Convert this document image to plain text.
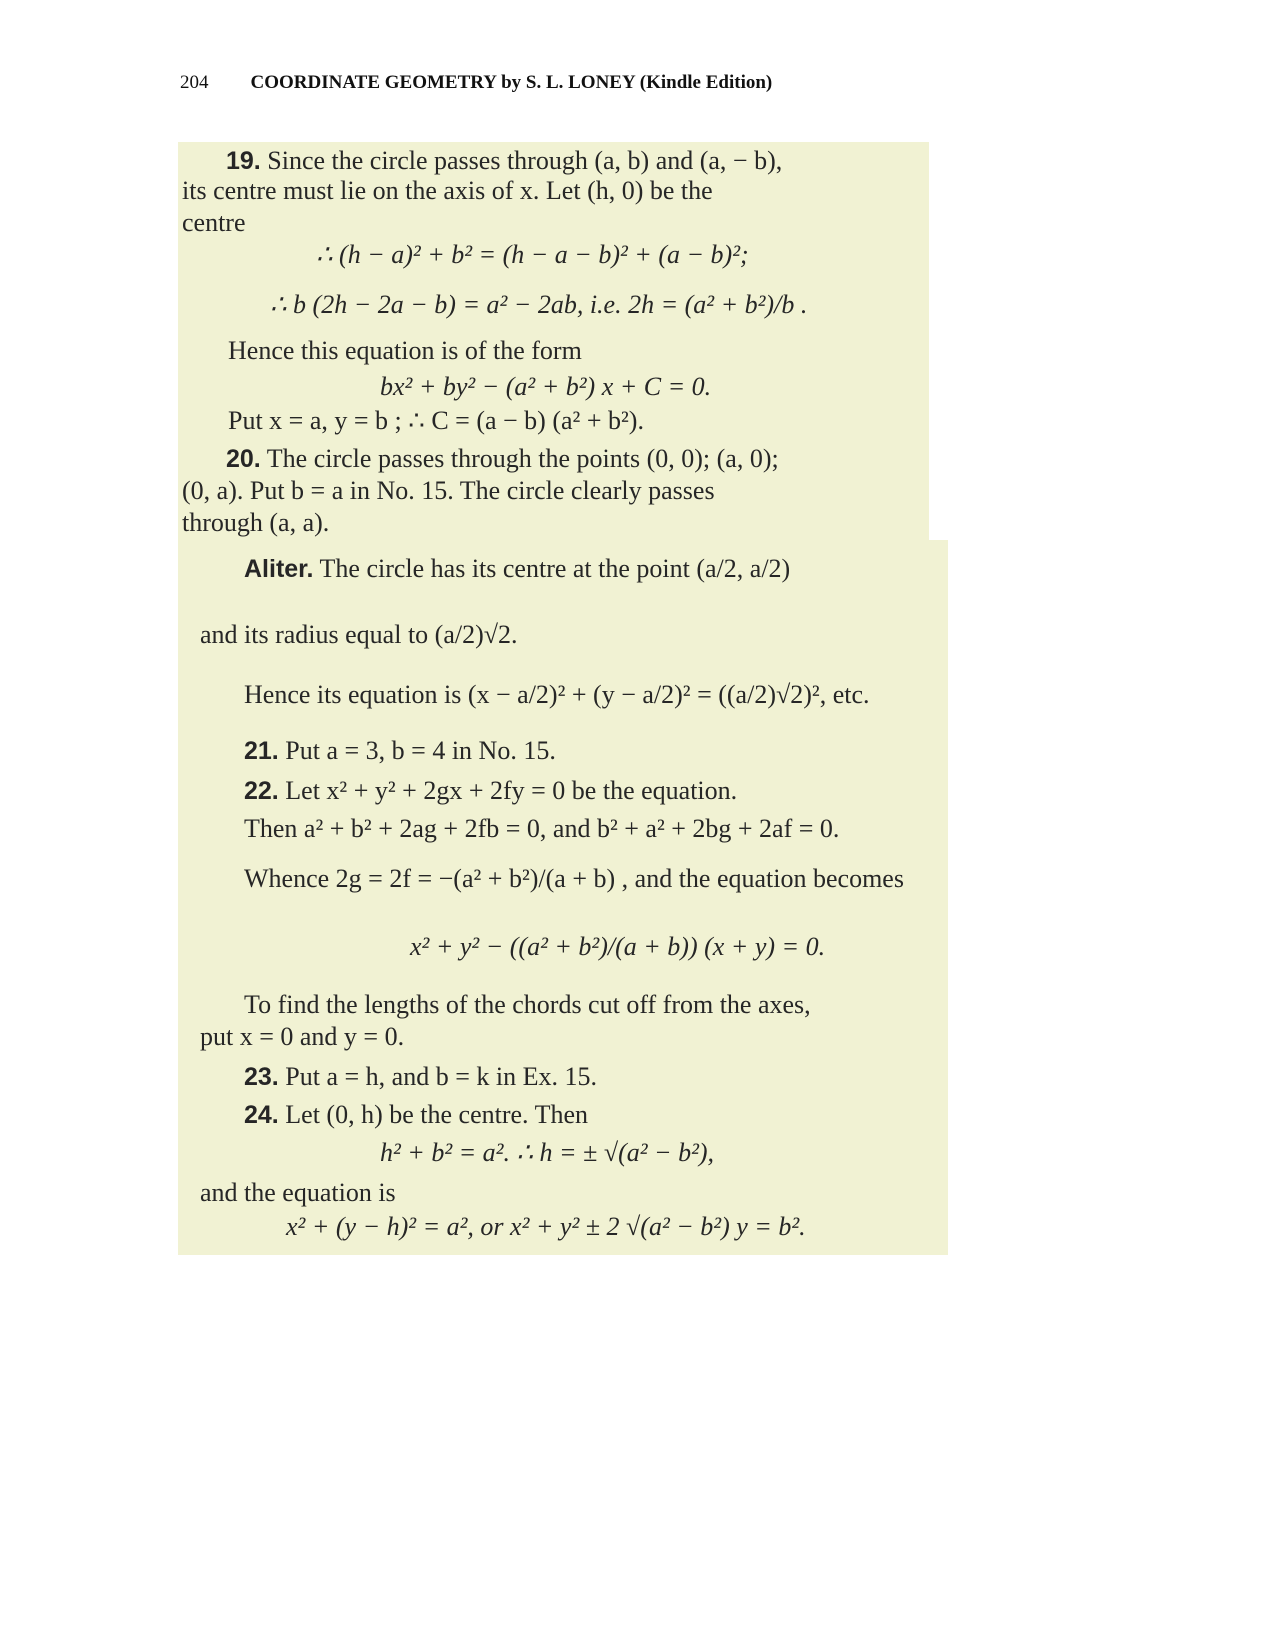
204 COORDINATE GEOMETRY by S. L. LONEY (Kindle Edition)
19. Since the circle passes through (a, b) and (a, − b),
its centre must lie on the axis of x. Let (h, 0) be the
centre
∴ (h − a)² + b² = (h − a − b)² + (a − b)²;
∴ b (2h − 2a − b) = a² − 2ab, i.e. 2h = (a² + b²)/b .
Hence this equation is of the form
bx² + by² − (a² + b²) x + C = 0.
Put x = a, y = b ; ∴ C = (a − b) (a² + b²).
20. The circle passes through the points (0, 0); (a, 0);
(0, a). Put b = a in No. 15. The circle clearly passes
through (a, a).
Aliter. The circle has its centre at the point (a/2, a/2)
and its radius equal to (a/2)√2.
Hence its equation is (x − a/2)² + (y − a/2)² = ((a/2)√2)², etc.
21. Put a = 3, b = 4 in No. 15.
22. Let x² + y² + 2gx + 2fy = 0 be the equation.
Then a² + b² + 2ag + 2fb = 0, and b² + a² + 2bg + 2af = 0.
Whence 2g = 2f = −(a² + b²)/(a + b) , and the equation becomes
x² + y² − ((a² + b²)/(a + b)) (x + y) = 0.
To find the lengths of the chords cut off from the axes,
put x = 0 and y = 0.
23. Put a = h, and b = k in Ex. 15.
24. Let (0, h) be the centre. Then
h² + b² = a². ∴ h = ± √(a² − b²),
and the equation is
x² + (y − h)² = a², or x² + y² ± 2 √(a² − b²) y = b².
